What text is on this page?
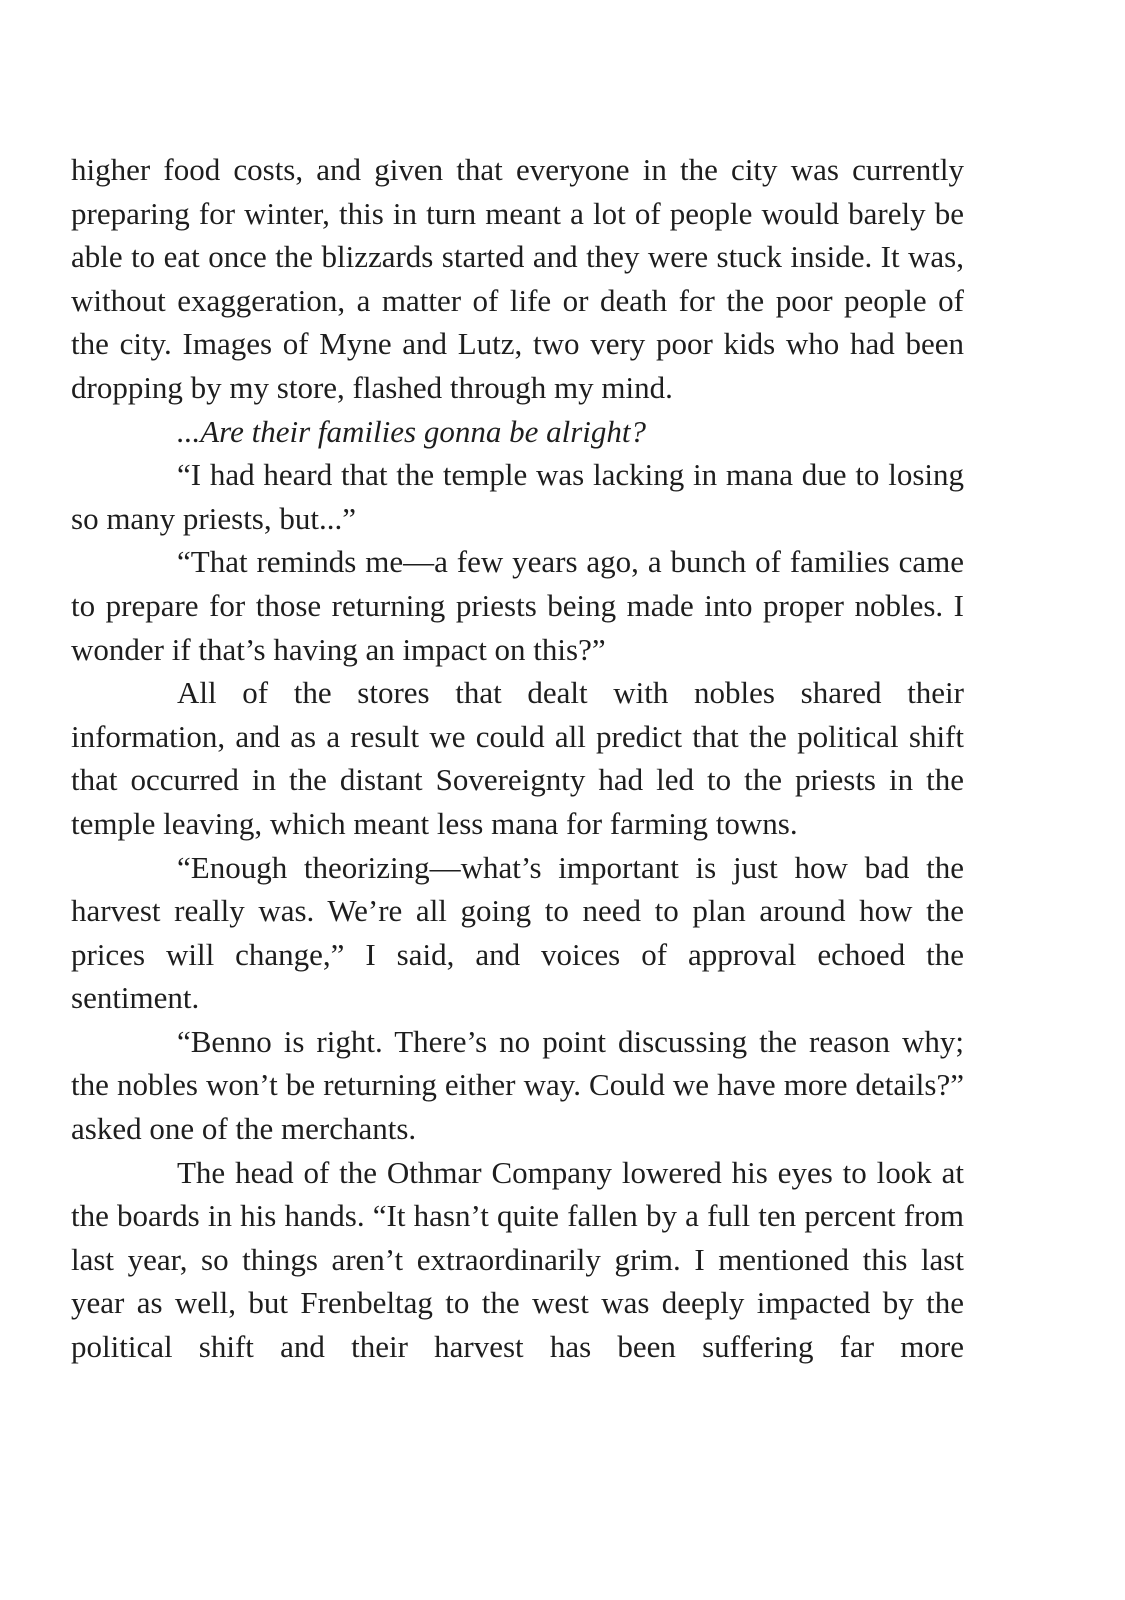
higher food costs, and given that everyone in the city was currently preparing for winter, this in turn meant a lot of people would barely be able to eat once the blizzards started and they were stuck inside. It was, without exaggeration, a matter of life or death for the poor people of the city. Images of Myne and Lutz, two very poor kids who had been dropping by my store, flashed through my mind.

...Are their families gonna be alright?

“I had heard that the temple was lacking in mana due to losing so many priests, but...”

“That reminds me—a few years ago, a bunch of families came to prepare for those returning priests being made into proper nobles. I wonder if that’s having an impact on this?”

All of the stores that dealt with nobles shared their information, and as a result we could all predict that the political shift that occurred in the distant Sovereignty had led to the priests in the temple leaving, which meant less mana for farming towns.

“Enough theorizing—what’s important is just how bad the harvest really was. We’re all going to need to plan around how the prices will change,” I said, and voices of approval echoed the sentiment.

“Benno is right. There’s no point discussing the reason why; the nobles won’t be returning either way. Could we have more details?” asked one of the merchants.

The head of the Othmar Company lowered his eyes to look at the boards in his hands. “It hasn’t quite fallen by a full ten percent from last year, so things aren’t extraordinarily grim. I mentioned this last year as well, but Frenbeltag to the west was deeply impacted by the political shift and their harvest has been suffering far more
